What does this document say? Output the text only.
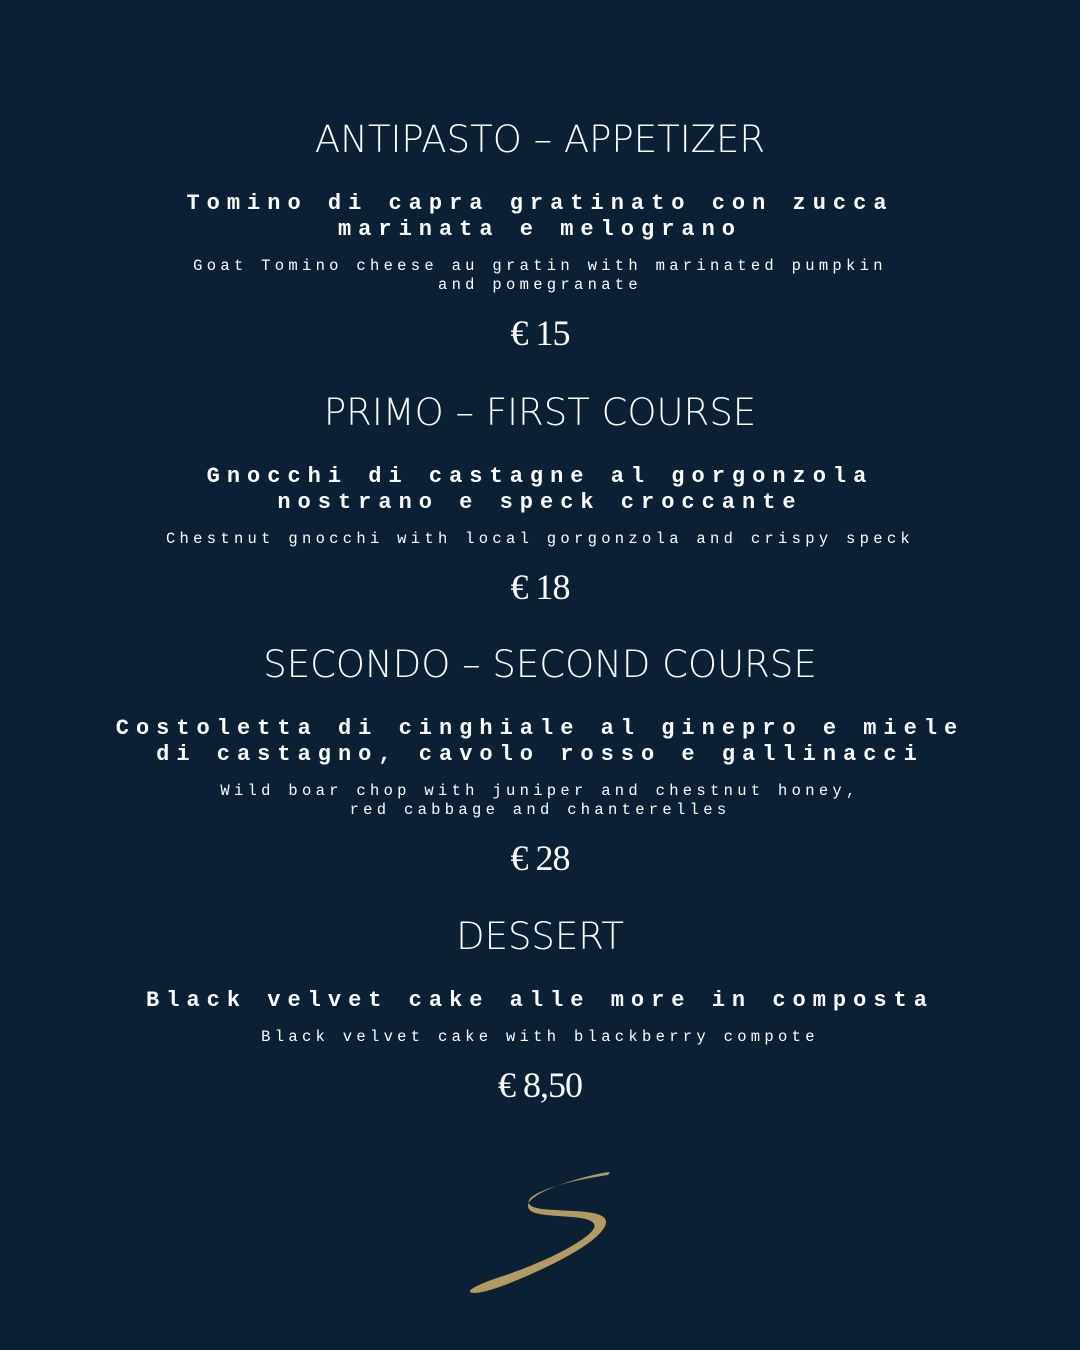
ANTIPASTO – APPETIZER

Tomino di capra gratinato con zucca
marinata e melograno

Goat Tomino cheese au gratin with marinated pumpkin
and pomegranate

€ 15

PRIMO – FIRST COURSE

Gnocchi di castagne al gorgonzola
nostrano e speck croccante

Chestnut gnocchi with local gorgonzola and crispy speck

€ 18

SECONDO – SECOND COURSE

Costoletta di cinghiale al ginepro e miele
di castagno, cavolo rosso e gallinacci

Wild boar chop with juniper and chestnut honey,
red cabbage and chanterelles

€ 28

DESSERT

Black velvet cake alle more in composta

Black velvet cake with blackberry compote

€ 8,50
